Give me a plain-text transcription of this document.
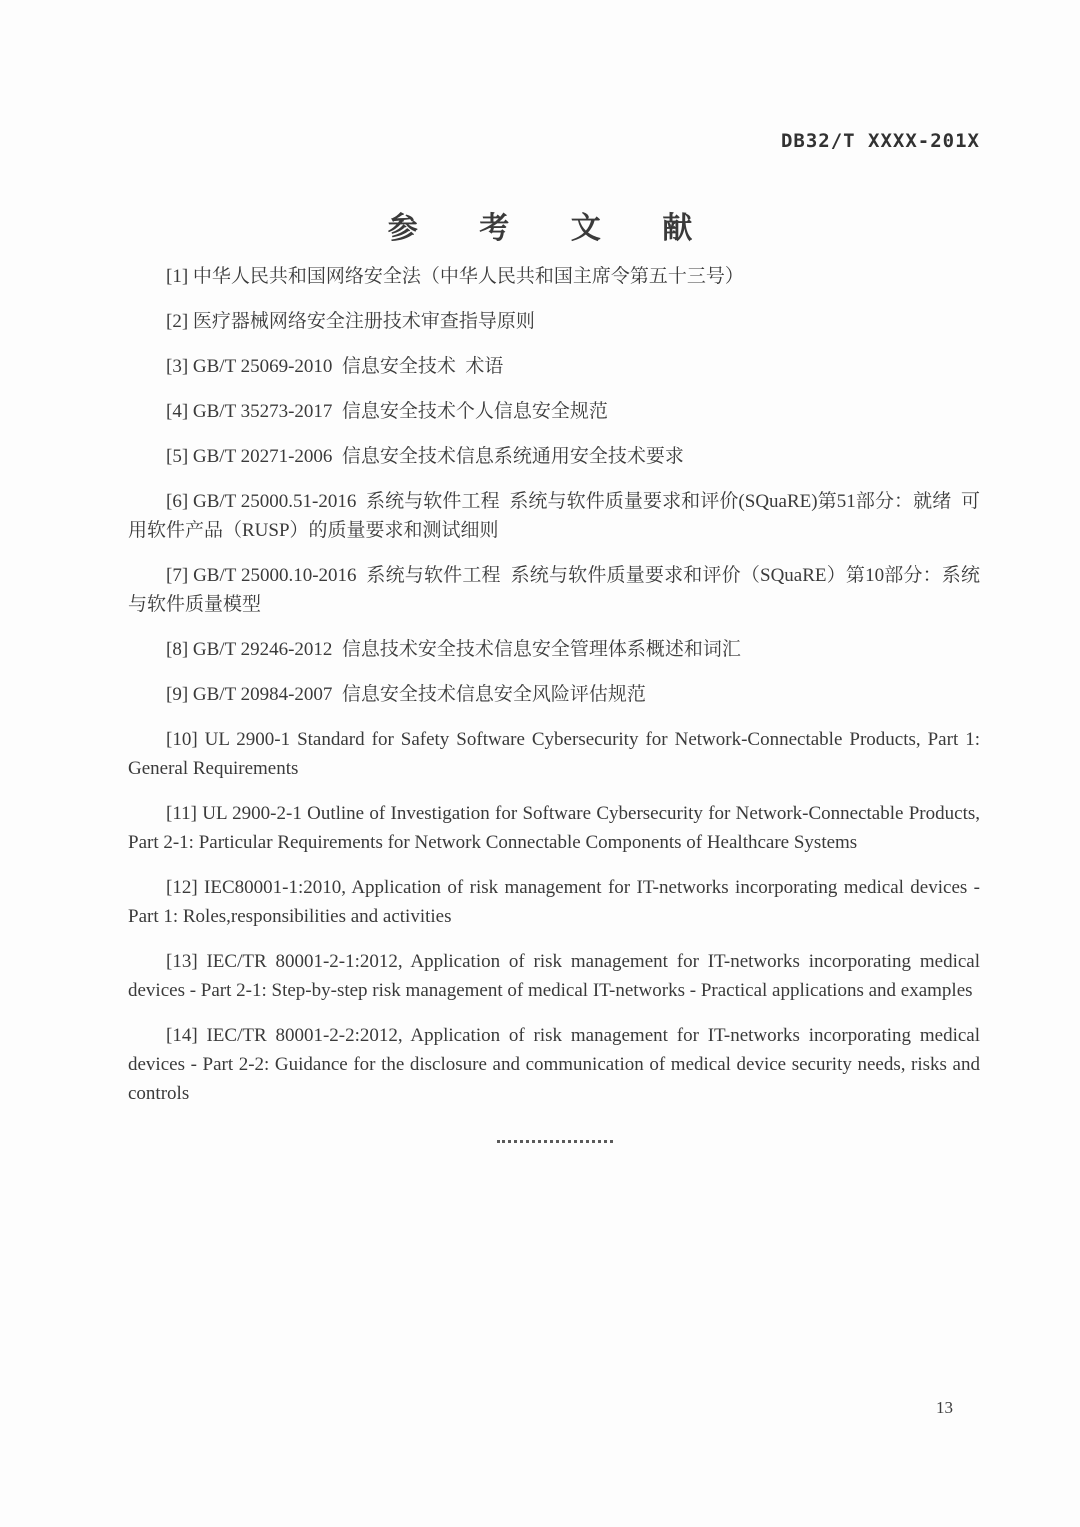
DB32/T XXXX-201X
参 考 文 献

[1] 中华人民共和国网络安全法（中华人民共和国主席令第五十三号）

[2] 医疗器械网络安全注册技术审查指导原则

[3] GB/T 25069-2010  信息安全技术  术语

[4] GB/T 35273-2017  信息安全技术个人信息安全规范

[5] GB/T 20271-2006  信息安全技术信息系统通用安全技术要求

[6] GB/T 25000.51-2016  系统与软件工程  系统与软件质量要求和评价(SQuaRE)第51部分：就绪  可用软件产品（RUSP）的质量要求和测试细则

[7] GB/T 25000.10-2016  系统与软件工程  系统与软件质量要求和评价（SQuaRE）第10部分：系统与软件质量模型

[8] GB/T 29246-2012  信息技术安全技术信息安全管理体系概述和词汇

[9] GB/T 20984-2007  信息安全技术信息安全风险评估规范

[10] UL 2900-1 Standard for Safety Software Cybersecurity for Network-Connectable Products, Part 1: General Requirements

[11] UL 2900-2-1 Outline of Investigation for Software Cybersecurity for Network-Connectable Products, Part 2-1: Particular Requirements for Network Connectable Components of Healthcare Systems

[12] IEC80001-1:2010, Application of risk management for IT-networks incorporating medical devices - Part 1: Roles,responsibilities and activities

[13] IEC/TR 80001-2-1:2012, Application of risk management for IT-networks incorporating medical devices - Part 2-1: Step-by-step risk management of medical IT-networks - Practical applications and examples

[14] IEC/TR 80001-2-2:2012, Application of risk management for IT-networks incorporating medical devices - Part 2-2: Guidance for the disclosure and communication of medical device security needs, risks and controls

13
